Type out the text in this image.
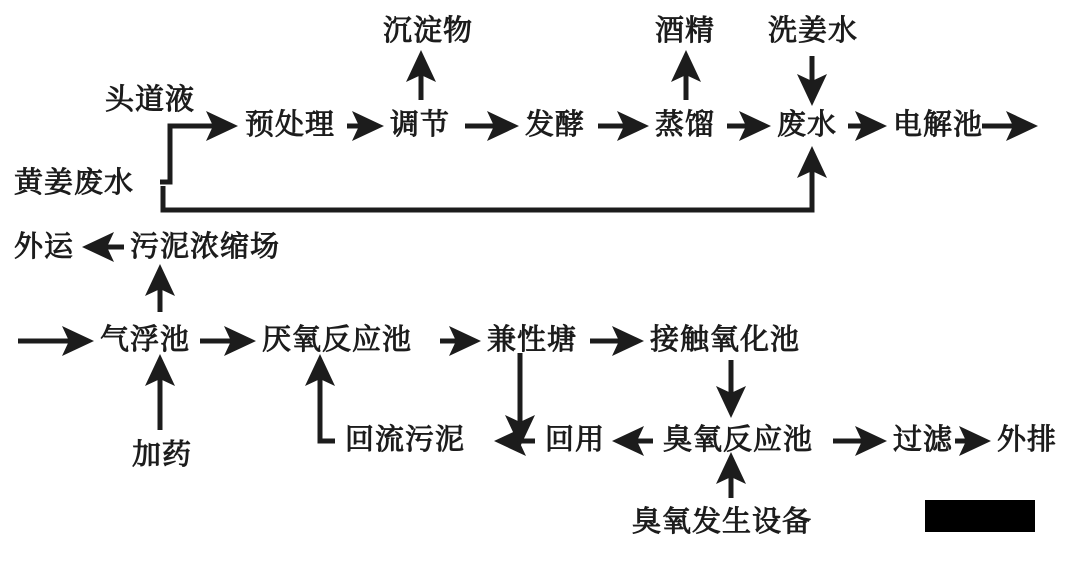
沉淀物	酒精 洗姜水
头道液
预处理 调节	发酵 蒸馏 废水 电解池
黄姜废水
外运 污泥浓缩场
气浮池 厌氧反应池	兼性塘	接触氧化池
加药	回流污泥	回用 臭氧反应池	过滤 外排
臭氧发生设备
